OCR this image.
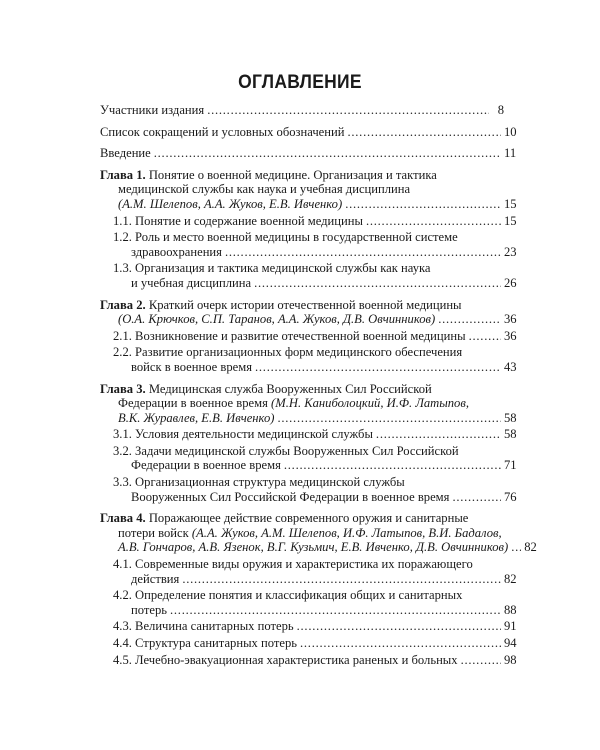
ОГЛАВЛЕНИЕ
Участники издания . . .	8
Список сокращений и условных обозначений . . .	10
Введение . . .	11
Глава 1. Понятие о военной медицине. Организация и тактика
медицинской службы как наука и учебная дисциплина
(А.М. Шелепов, А.А. Жуков, Е.В. Ивченко) . . .	15
1.1. Понятие и содержание военной медицины . . .	15
1.2. Роль и место военной медицины в государственной системе
здравоохранения . . .	23
1.3. Организация и тактика медицинской службы как наука
и учебная дисциплина . . .	26
Глава 2. Краткий очерк истории отечественной военной медицины
(О.А. Крючков, С.П. Таранов, А.А. Жуков, Д.В. Овчинников) . . .	36
2.1. Возникновение и развитие отечественной военной медицины . . .	36
2.2. Развитие организационных форм медицинского обеспечения
войск в военное время . . .	43
Глава 3. Медицинская служба Вооруженных Сил Российской
Федерации в военное время (М.Н. Каниболоцкий, И.Ф. Латыпов,
В.К. Журавлев, Е.В. Ивченко) . . .	58
3.1. Условия деятельности медицинской службы . . .	58
3.2. Задачи медицинской службы Вооруженных Сил Российской
Федерации в военное время . . .	71
3.3. Организационная структура медицинской службы
Вооруженных Сил Российской Федерации в военное время . . .	76
Глава 4. Поражающее действие современного оружия и санитарные
потери войск (А.А. Жуков, А.М. Шелепов, И.Ф. Латыпов, В.И. Бадалов,
А.В. Гончаров, А.В. Язенок, В.Г. Кузьмич, Е.В. Ивченко, Д.В. Овчинников) . . . 82
4.1. Современные виды оружия и характеристика их поражающего
действия . . .	82
4.2. Определение понятия и классификация общих и санитарных
потерь . . .	88
4.3. Величина санитарных потерь . . .	91
4.4. Структура санитарных потерь . . .	94
4.5. Лечебно-эвакуационная характеристика раненых и больных . . .	98
